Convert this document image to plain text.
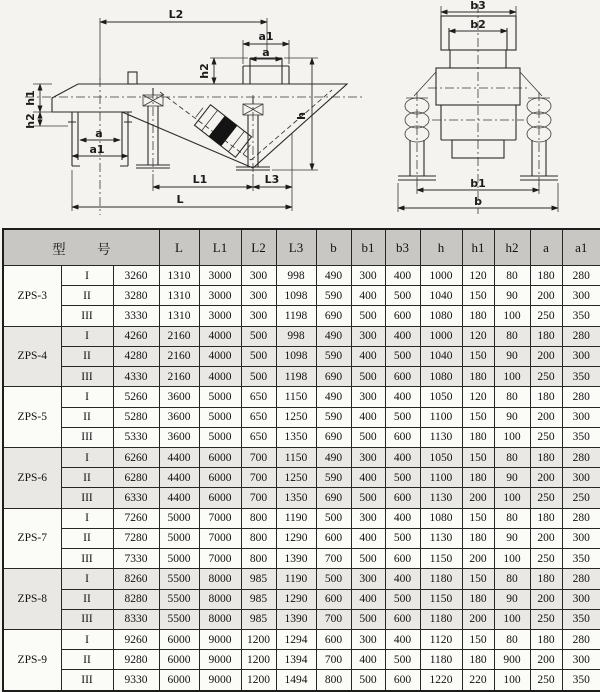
L2
a1
a
h2
h1
h2
a
a1
h
L1	L3
L
b3
b2
b1
b
型 号			L	L1	L2	L3	b	b1	b3	h	h1	h2	a	a1
ZPS-3	I	3260	1310	3000	300	998	490	300	400	1000	120	80	180	280
	II	3280	1310	3000	300	1098	590	400	500	1040	150	90	200	300
	III	3330	1310	3000	300	1198	690	500	600	1080	180	100	250	350
ZPS-4	I	4260	2160	4000	500	998	490	300	400	1000	120	80	180	280
	II	4280	2160	4000	500	1098	590	400	500	1040	150	90	200	300
	III	4330	2160	4000	500	1198	690	500	600	1080	180	100	250	350
ZPS-5	I	5260	3600	5000	650	1150	490	300	400	1050	120	80	180	280
	II	5280	3600	5000	650	1250	590	400	500	1100	150	90	200	300
	III	5330	3600	5000	650	1350	690	500	600	1130	180	100	250	350
ZPS-6	I	6260	4400	6000	700	1150	490	300	400	1050	150	80	180	280
	II	6280	4400	6000	700	1250	590	400	500	1100	180	90	200	300
	III	6330	4400	6000	700	1350	690	500	600	1130	200	100	250	250
ZPS-7	I	7260	5000	7000	800	1190	500	300	400	1080	150	80	180	280
	II	7280	5000	7000	800	1290	600	400	500	1130	180	90	200	300
	III	7330	5000	7000	800	1390	700	500	600	1150	200	100	250	350
ZPS-8	I	8260	5500	8000	985	1190	500	300	400	1180	150	80	180	280
	II	8280	5500	8000	985	1290	600	400	500	1150	180	90	200	300
	III	8330	5500	8000	985	1390	700	500	600	1180	200	100	250	350
ZPS-9	I	9260	6000	9000	1200	1294	600	300	400	1120	150	80	180	280
	II	9280	6000	9000	1200	1394	700	400	500	1180	180	900	200	300
	III	9330	6000	9000	1200	1494	800	500	600	1220	220	100	250	350
